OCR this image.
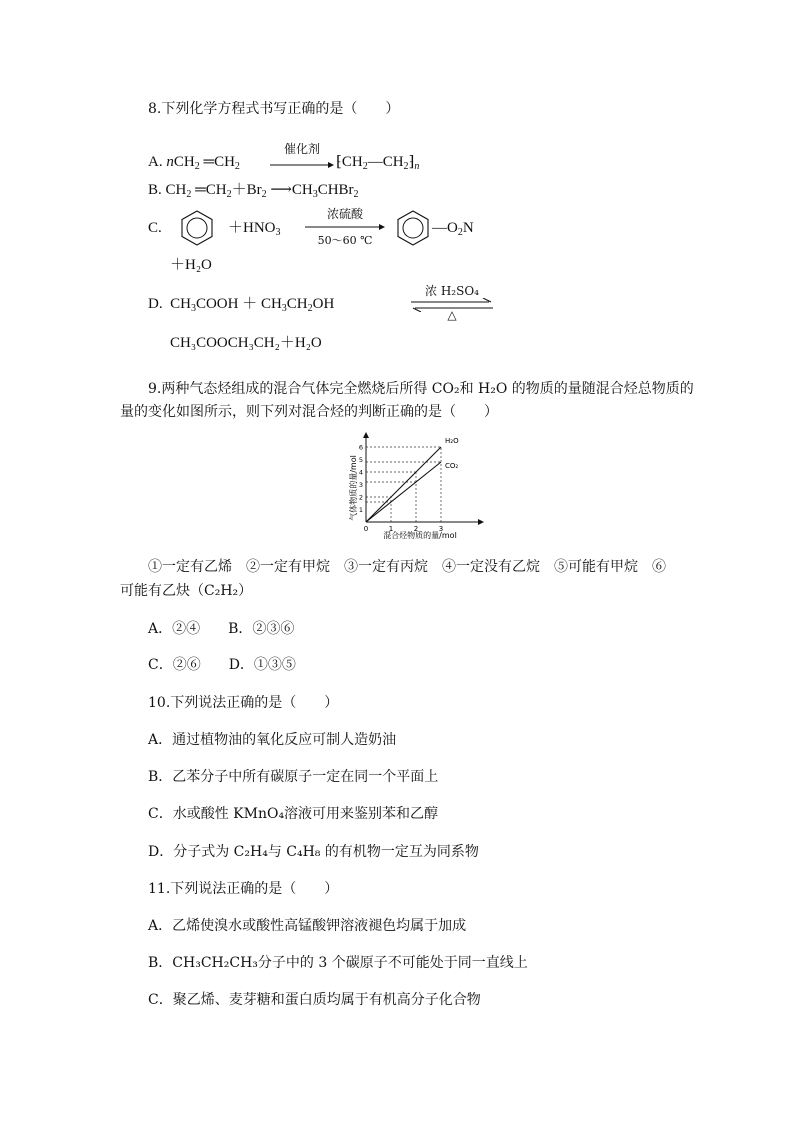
8.下列化学方程式书写正确的是（　　）
A. nCH$_2$ $═CH_2$
催化剂
$⁅CH_2—CH_2⁆_n$
B. $CH_2$ $═CH_2+Br_2$ $⟶CH_3CHBr_2$
C.	$+HNO_3$
浓硫酸
50～60 ℃
$—O_2N$
＋H₂O
D.  $CH_3COOH + CH_3CH_2OH$
浓 H₂SO₄
△
CH₃COOCH₃CH₂＋H₂O
9.两种气态烃组成的混合气体完全燃烧后所得 CO₂和 H₂O 的物质的量随混合烃总物质的
量的变化如图所示，则下列对混合烃的判断正确的是（　　）
H₂O
CO₂
0	1	2	3
1
2
3
4
5
6
气体物质的量/mol
混合烃物质的量/mol
①一定有乙烯　②一定有甲烷　③一定有丙烷　④一定没有乙烷　⑤可能有甲烷　⑥
可能有乙炔（C₂H₂）
A．②④　　B．②③⑥
C．②⑥　　D．①③⑤
10.下列说法正确的是（　　）
A．通过植物油的氧化反应可制人造奶油
B．乙苯分子中所有碳原子一定在同一个平面上
C．水或酸性 KMnO₄溶液可用来鉴别苯和乙醇
D．分子式为 C₂H₄与 C₄H₈ 的有机物一定互为同系物
11.下列说法正确的是（　　）
A．乙烯使溴水或酸性高锰酸钾溶液褪色均属于加成
B．CH₃CH₂CH₃分子中的 3 个碳原子不可能处于同一直线上
C．聚乙烯、麦芽糖和蛋白质均属于有机高分子化合物
